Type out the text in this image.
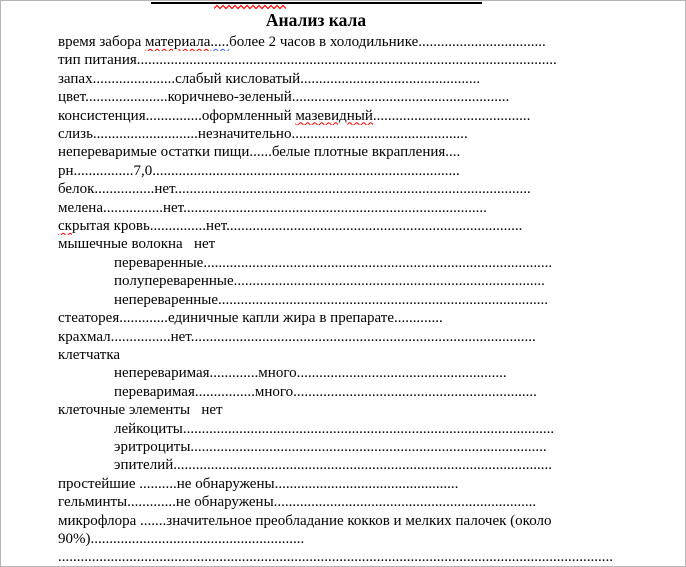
Анализ кала
время забора материала.....более 2 часов в холодильнике..................................
тип питания................................................................................................................
запах......................слабый кисловатый................................................
цвет......................коричнево-зеленый..........................................................
консистенция...............оформленный мазевидный..........................................
слизь............................незначительно...............................................
непереваримые остатки пищи......белые плотные вкрапления....
рн................7,0..................................................................................
белок................нет...............................................................................................
мелена................нет.................................................................................
скрытая кровь...............нет...............................................................................
мышечные волокна   нет
переваренные.............................................................................................
полупереваренные...................................................................................
непереваренные........................................................................................
стеаторея.............единичные капли жира в препарате.............
крахмал................нет............................................................................................
клетчатка
непереваримая.............много........................................................
переваримая................много.................................................................
клеточные элементы   нет
лейкоциты...................................................................................................
эритроциты...............................................................................................
эпителий.....................................................................................................
простейшие ..........не обнаружены.................................................
гельминты.............не обнаружены......................................................................
микрофлора .......значительное преобладание кокков и мелких палочек (около
90%).........................................................
....................................................................................................................................................
